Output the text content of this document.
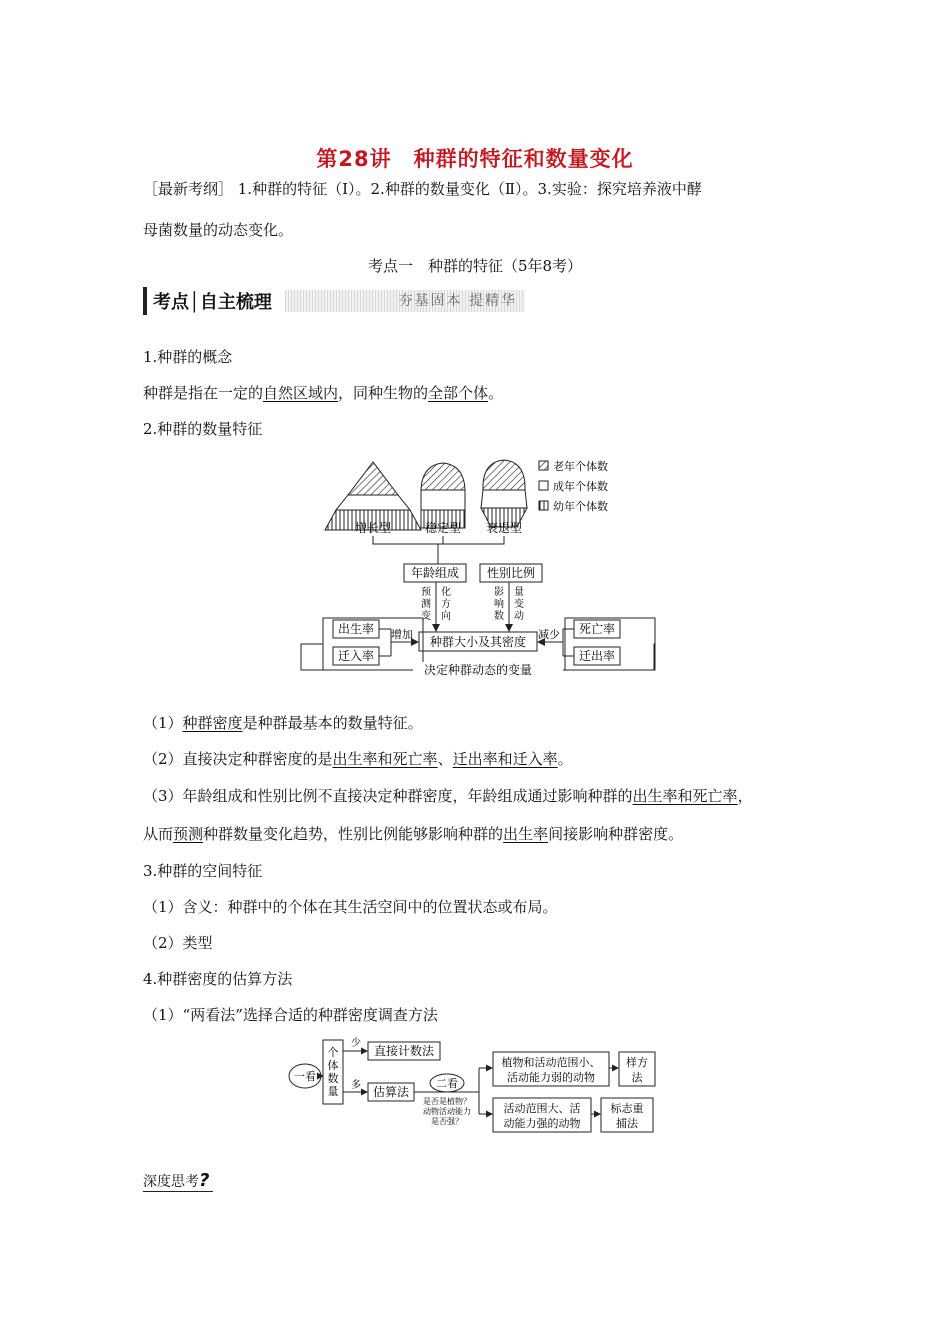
第28讲　种群的特征和数量变化
［最新考纲］ 1.种群的特征（Ⅰ）。2.种群的数量变化（Ⅱ）。3.实验：探究培养液中酵
母菌数量的动态变化。
考点一　种群的特征（5年8考）
考点│自主梳理	夯基固本 提精华
1.种群的概念
种群是指在一定的自然区域内，同种生物的全部个体。
2.种群的数量特征
老年个体数
成年个体数
幼年个体数
增长型	稳定型 衰退型
年龄组成 性别比例
预测变
化方向
影响数
量变动
种群大小及其密度
出生率
迁入率
增加	死亡率
迁出率
减少
决定种群动态的变量
（1）种群密度是种群最基本的数量特征。
（2）直接决定种群密度的是出生率和死亡率、迁出率和迁入率。
（3）年龄组成和性别比例不直接决定种群密度，年龄组成通过影响种群的出生率和死亡率，
从而预测种群数量变化趋势，性别比例能够影响种群的出生率间接影响种群密度。
3.种群的空间特征
（1）含义：种群中的个体在其生活空间中的位置状态或布局。
（2）类型
4.种群密度的估算方法
（1）“两看法”选择合适的种群密度调查方法
一看
个体数量
少
多
直接计数法
估算法
二看
是否是植物？
动物活动能力
是否强？
植物和活动范围小、
活动能力弱的动物
活动范围大、活
动能力强的动物
样方
法
标志重
捕法
深度思考?
